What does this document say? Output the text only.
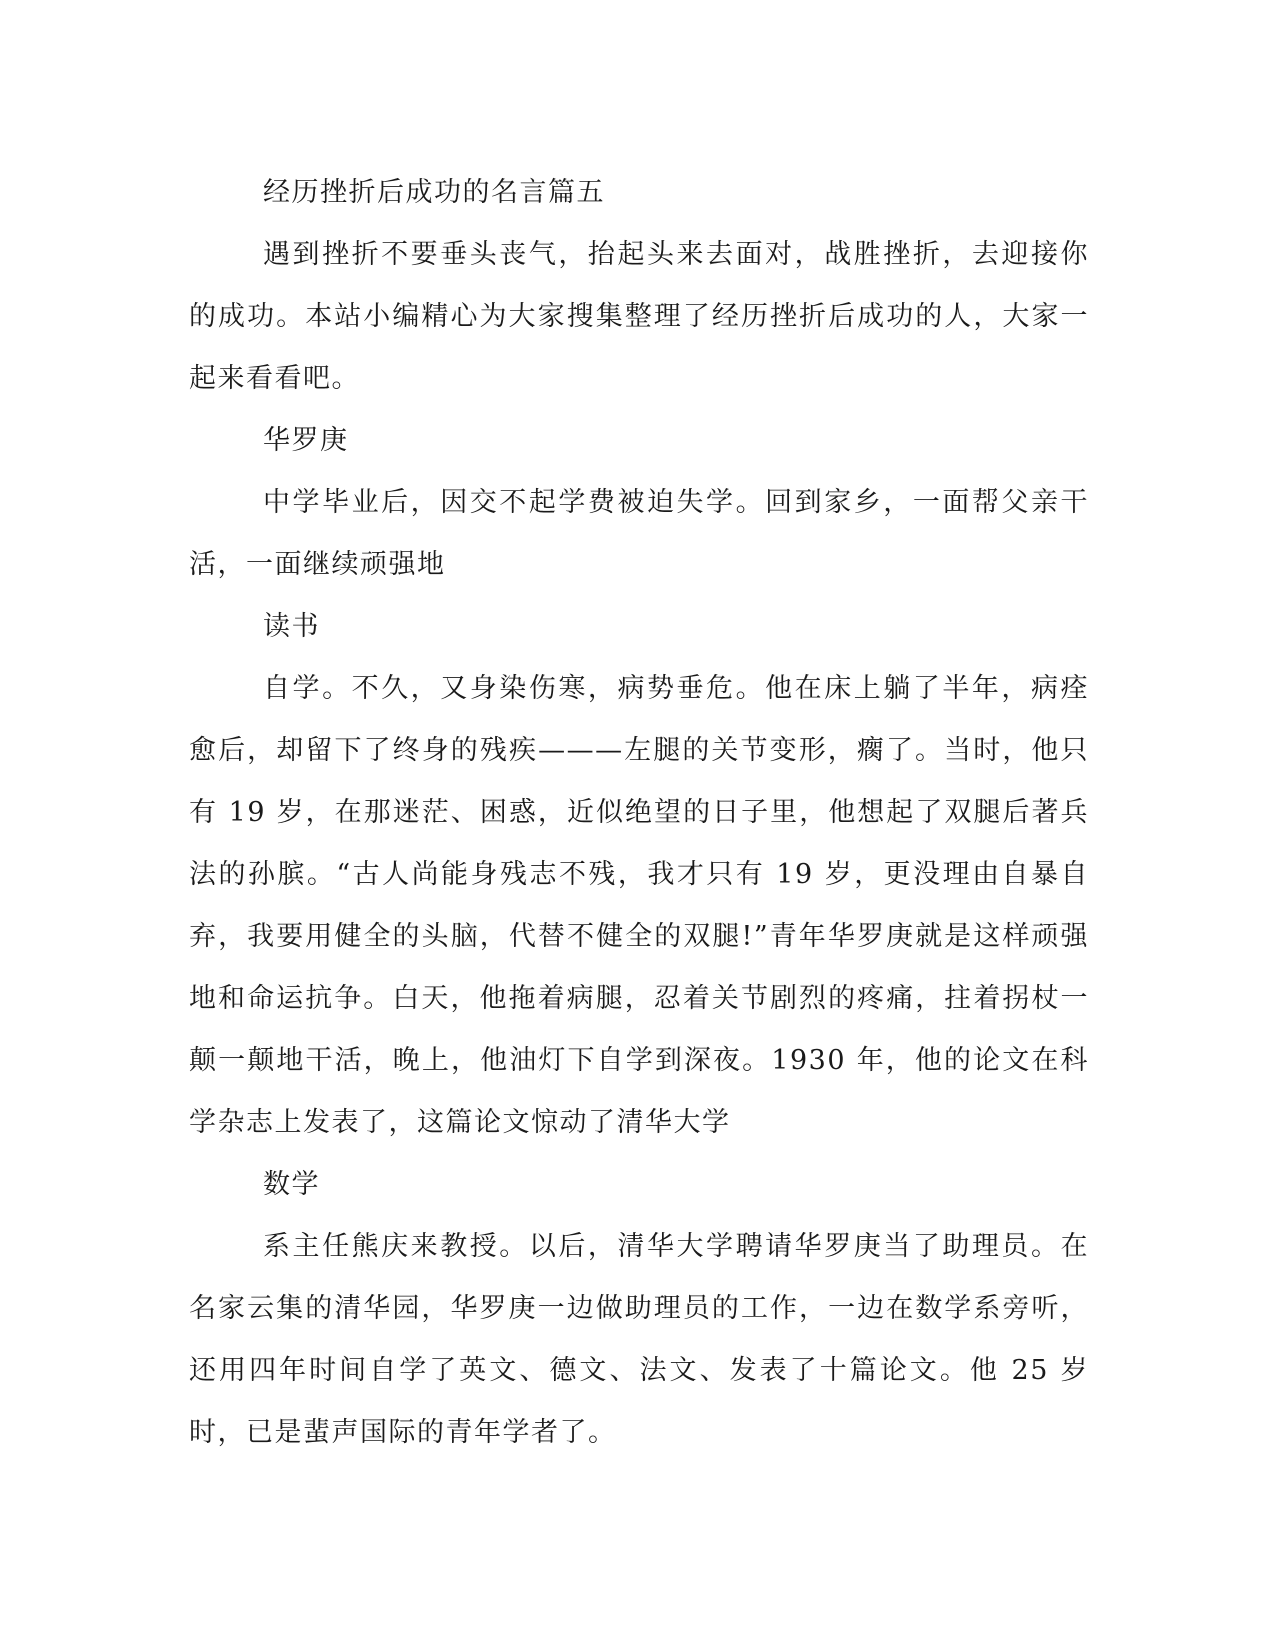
经历挫折后成功的名言篇五

遇到挫折不要垂头丧气，抬起头来去面对，战胜挫折，去迎接你的成功。本站小编精心为大家搜集整理了经历挫折后成功的人，大家一起来看看吧。

华罗庚

中学毕业后，因交不起学费被迫失学。回到家乡，一面帮父亲干活，一面继续顽强地

读书

自学。不久，又身染伤寒，病势垂危。他在床上躺了半年，病痊愈后，却留下了终身的残疾———左腿的关节变形，瘸了。当时，他只有 19 岁，在那迷茫、困惑，近似绝望的日子里，他想起了双腿后著兵法的孙膑。“古人尚能身残志不残，我才只有 19 岁，更没理由自暴自弃，我要用健全的头脑，代替不健全的双腿!”青年华罗庚就是这样顽强地和命运抗争。白天，他拖着病腿，忍着关节剧烈的疼痛，拄着拐杖一颠一颠地干活，晚上，他油灯下自学到深夜。1930 年，他的论文在科学杂志上发表了，这篇论文惊动了清华大学

数学

系主任熊庆来教授。以后，清华大学聘请华罗庚当了助理员。在名家云集的清华园，华罗庚一边做助理员的工作，一边在数学系旁听，还用四年时间自学了英文、德文、法文、发表了十篇论文。他 25 岁时，已是蜚声国际的青年学者了。
